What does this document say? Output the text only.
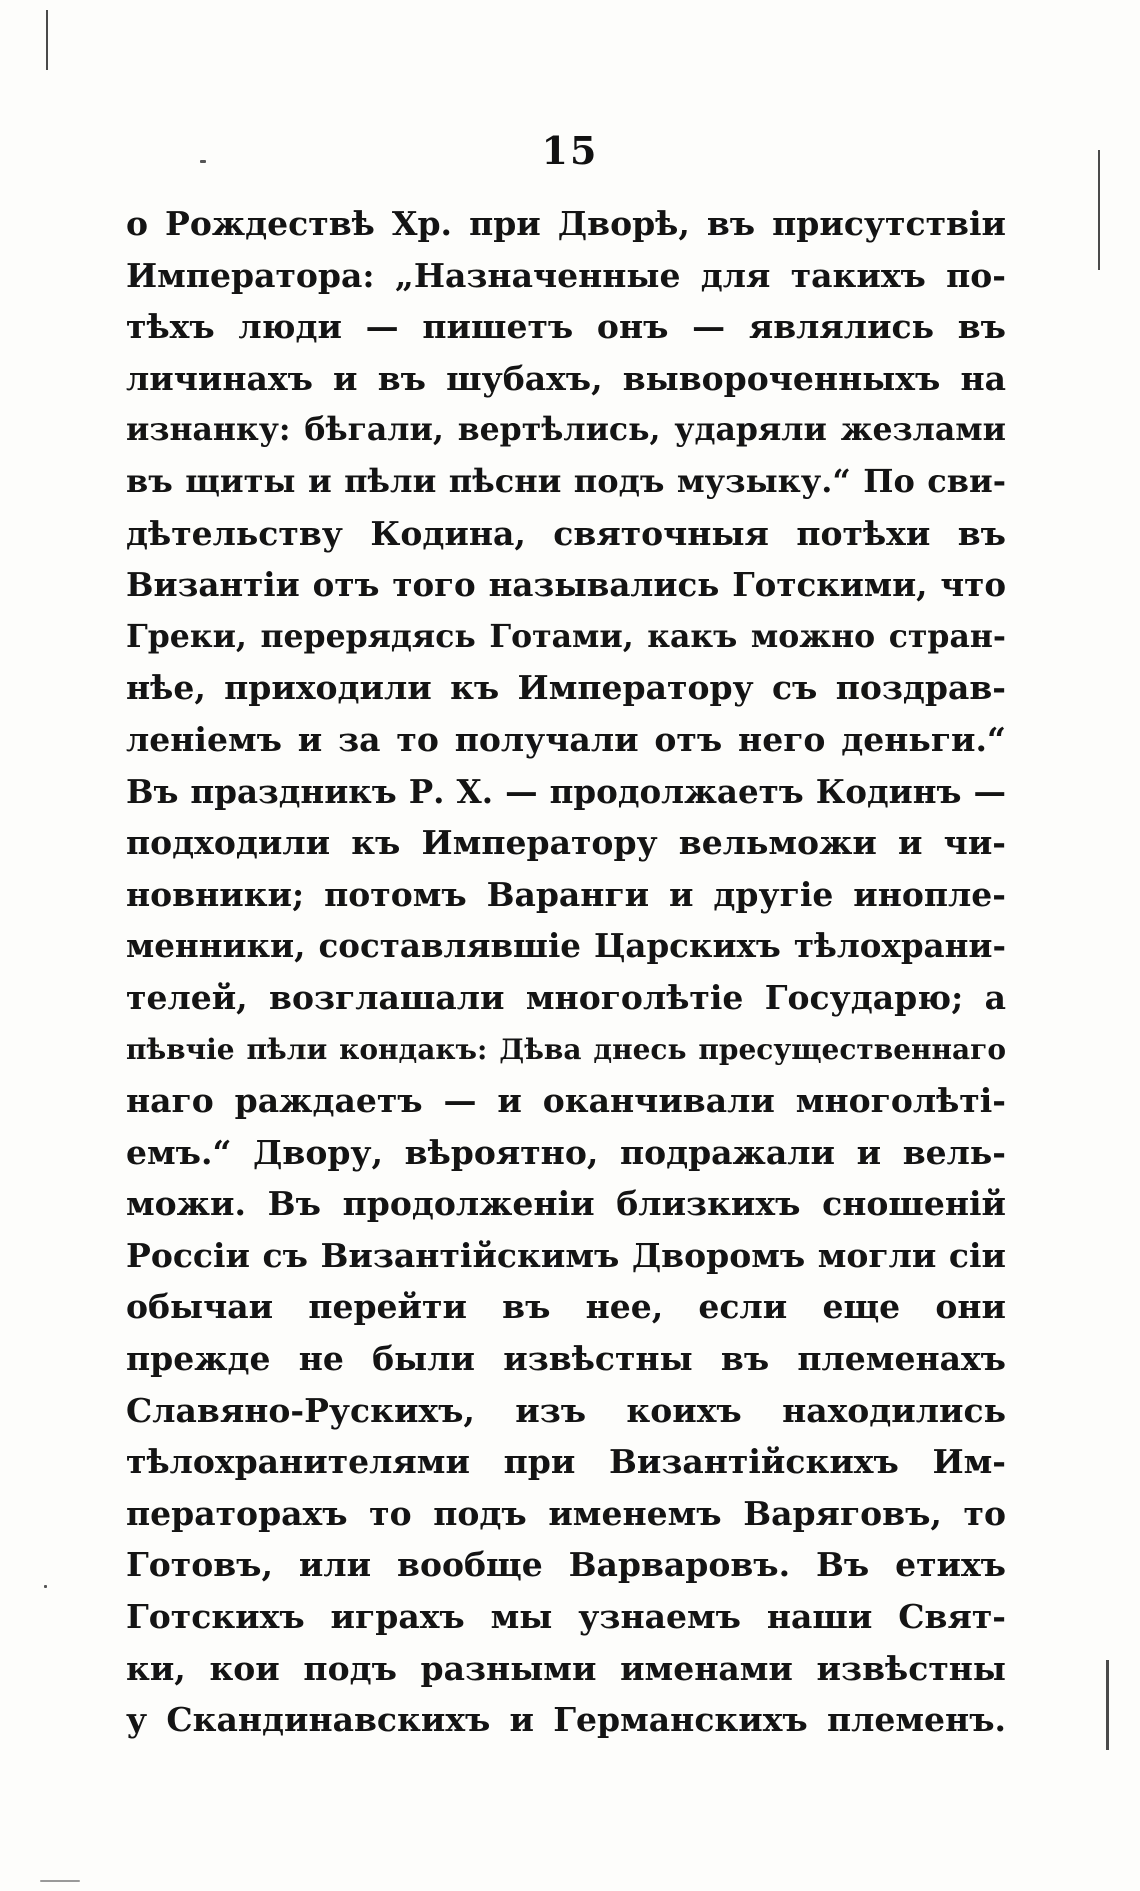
15
о Рождествѣ Хр. при Дворѣ, въ присутствіи
Императора: „Назначенные для такихъ по-
тѣхъ люди — пишетъ онъ — являлись въ
личинахъ и въ шубахъ, вывороченныхъ на
изнанку: бѣгали, вертѣлись, ударяли жезлами
въ щиты и пѣли пѣсни подъ музыку.“ По сви-
дѣтельству Кодина, святочныя потѣхи въ
Византіи отъ того назывались Готскими, что
Греки, перерядясь Готами, какъ можно стран-
нѣе, приходили къ Императору съ поздрав-
леніемъ и за то получали отъ него деньги.“
Въ праздникъ Р. Х. — продолжаетъ Кодинъ —
подходили къ Императору вельможи и чи-
новники; потомъ Варанги и другіе инопле-
менники, составлявшіе Царскихъ тѣлохрани-
телей, возглашали многолѣтіе Государю; а
пѣвчіе пѣли кондакъ: Дѣва днесь пресущественнаго
наго раждаетъ — и оканчивали многолѣті-
емъ.“ Двору, вѣроятно, подражали и вель-
можи. Въ продолженіи близкихъ сношеній
Россіи съ Византійскимъ Дворомъ могли сіи
обычаи перейти въ нее, если еще они
прежде не были извѣстны въ племенахъ
Славяно-Рускихъ, изъ коихъ находились
тѣлохранителями при Византійскихъ Им-
ператорахъ то подъ именемъ Варяговъ, то
Готовъ, или вообще Варваровъ. Въ етихъ
Готскихъ играхъ мы узнаемъ наши Свят-
ки, кои подъ разными именами извѣстны
у Скандинавскихъ и Германскихъ племенъ.
